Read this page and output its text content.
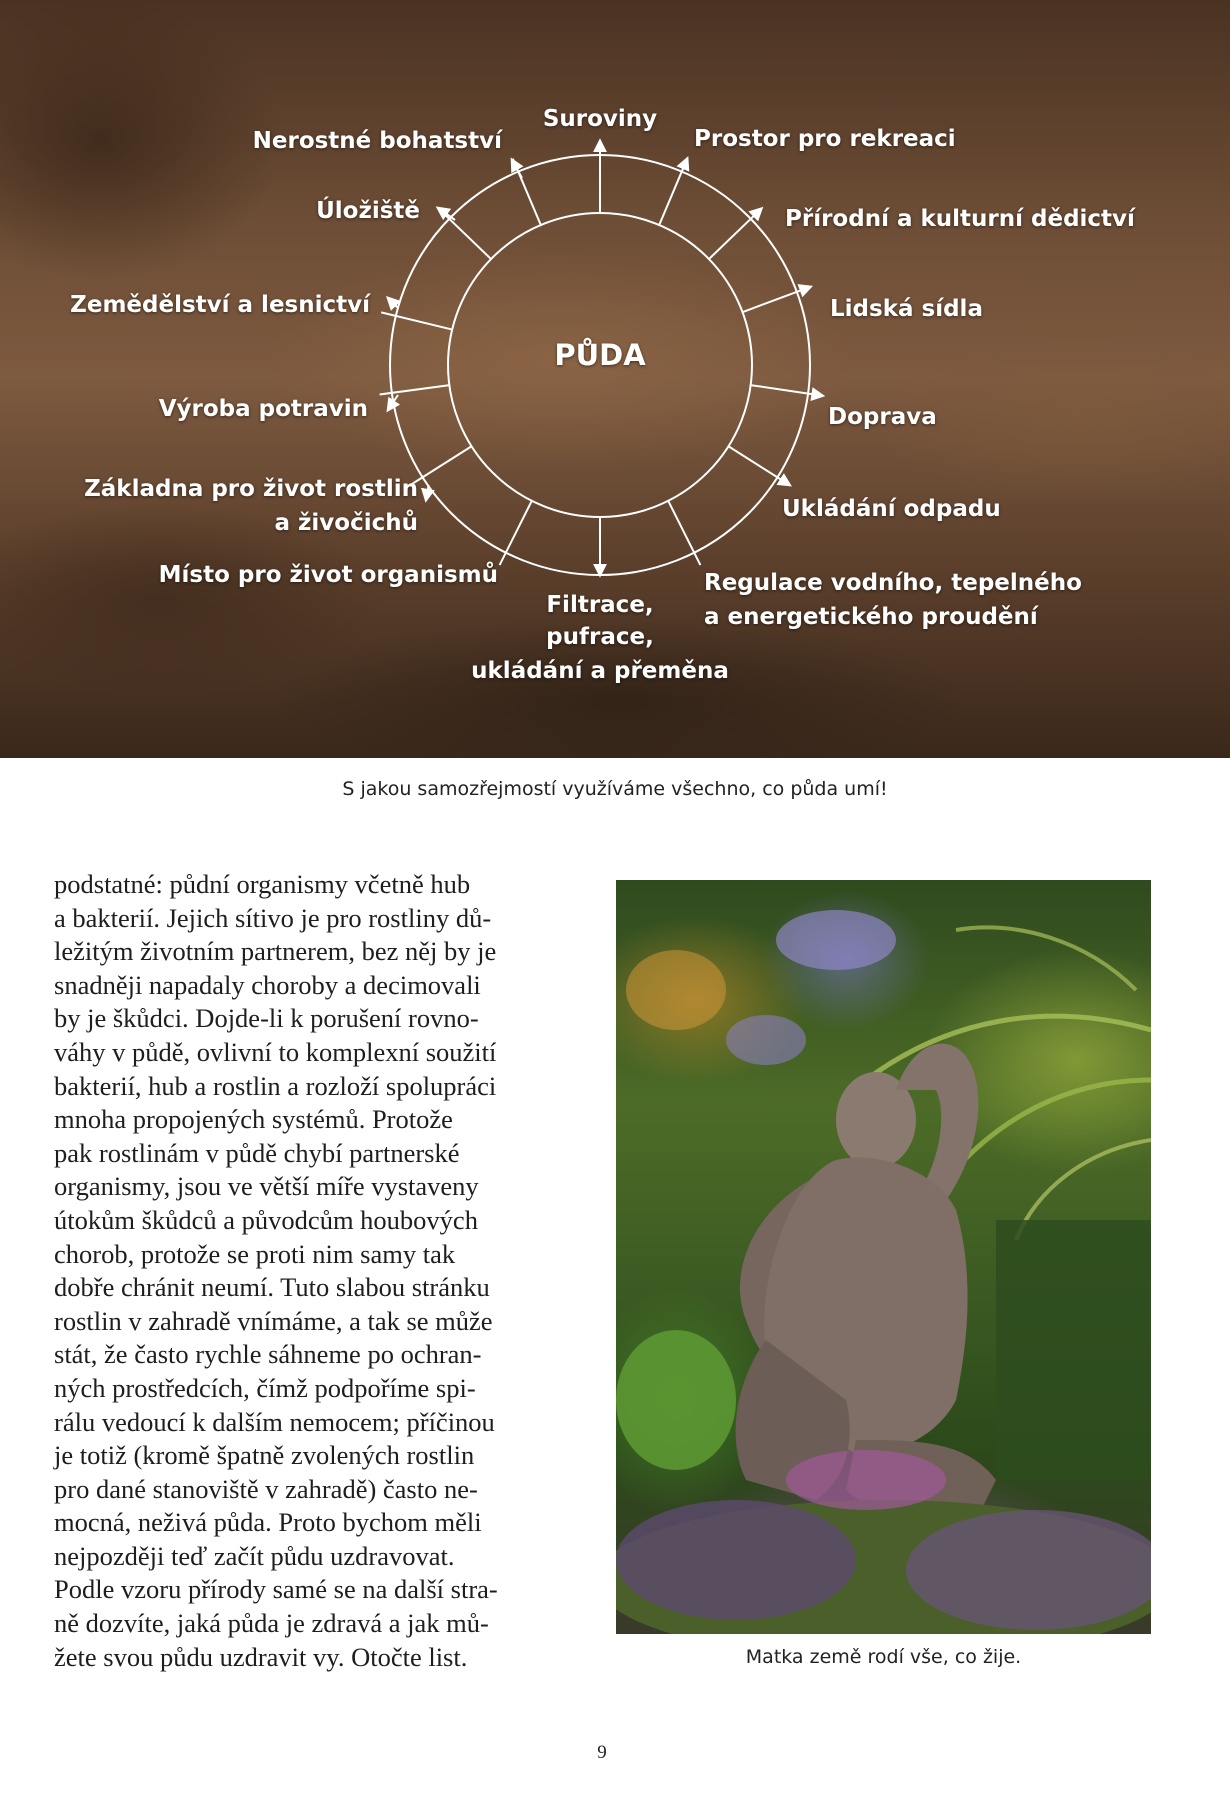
PŮDA
Suroviny
Prostor pro rekreaci
Přírodní a kulturní dědictví
Lidská sídla
Doprava
Ukládání odpadu
Regulace vodního, tepelného
a energetického proudění
Filtrace,
pufrace,
ukládání a přeměna
Místo pro život organismů
Základna pro život rostlin
a živočichů
Výroba potravin
Zemědělství a lesnictví
Úložiště
Nerostné bohatství
S jakou samozřejmostí využíváme všechno, co půda umí!
podstatné: půdní organismy včetně hub
a bakterií. Jejich sítivo je pro rostliny dů-
ležitým životním partnerem, bez něj by je
snadněji napadaly choroby a decimovali
by je škůdci. Dojde-li k porušení rovno-
váhy v půdě, ovlivní to komplexní soužití
bakterií, hub a rostlin a rozloží spolupráci
mnoha propojených systémů. Protože
pak rostlinám v půdě chybí partnerské
organismy, jsou ve větší míře vystaveny
útokům škůdců a původcům houbových
chorob, protože se proti nim samy tak
dobře chránit neumí. Tuto slabou stránku
rostlin v zahradě vnímáme, a tak se může
stát, že často rychle sáhneme po ochran-
ných prostředcích, čímž podpoříme spi-
rálu vedoucí k dalším nemocem; příčinou
je totiž (kromě špatně zvolených rostlin
pro dané stanoviště v zahradě) často ne-
mocná, neživá půda. Proto bychom měli
nejpozději teď začít půdu uzdravovat.
Podle vzoru přírody samé se na další stra-
ně dozvíte, jaká půda je zdravá a jak mů-
žete svou půdu uzdravit vy. Otočte list.	Matka země rodí vše, co žije.
9
